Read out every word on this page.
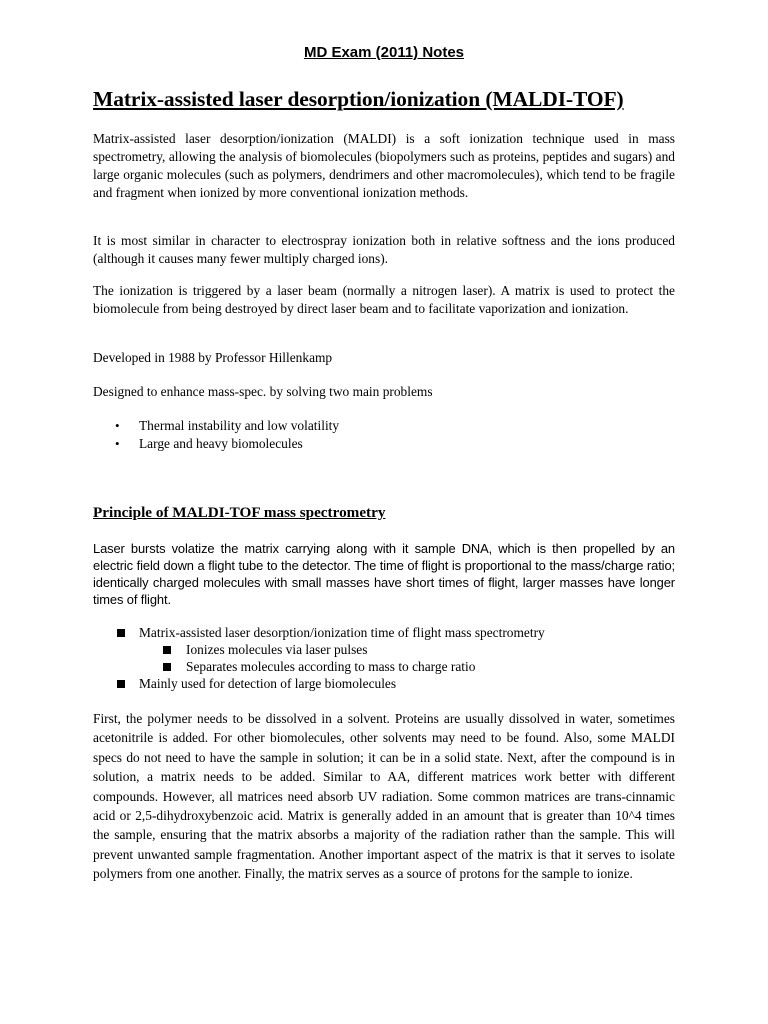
MD Exam (2011) Notes
Matrix-assisted laser desorption/ionization (MALDI-TOF)

Matrix-assisted laser desorption/ionization (MALDI) is a soft ionization technique used in mass spectrometry, allowing the analysis of biomolecules (biopolymers such as proteins, peptides and sugars) and large organic molecules (such as polymers, dendrimers and other macromolecules), which tend to be fragile and fragment when ionized by more conventional ionization methods.

It is most similar in character to electrospray ionization both in relative softness and the ions produced (although it causes many fewer multiply charged ions).

The ionization is triggered by a laser beam (normally a nitrogen laser). A matrix is used to protect the biomolecule from being destroyed by direct laser beam and to facilitate vaporization and ionization.

Developed in 1988 by Professor Hillenkamp

Designed to enhance mass-spec. by solving two main problems

• Thermal instability and low volatility
• Large and heavy biomolecules
Principle of MALDI-TOF mass spectrometry

Laser bursts volatize the matrix carrying along with it sample DNA, which is then propelled by an electric field down a flight tube to the detector. The time of flight is proportional to the mass/charge ratio; identically charged molecules with small masses have short times of flight, larger masses have longer times of flight.

Matrix-assisted laser desorption/ionization time of flight mass spectrometry
Ionizes molecules via laser pulses
Separates molecules according to mass to charge ratio
Mainly used for detection of large biomolecules

First, the polymer needs to be dissolved in a solvent. Proteins are usually dissolved in water, sometimes acetonitrile is added. For other biomolecules, other solvents may need to be found. Also, some MALDI specs do not need to have the sample in solution; it can be in a solid state. Next, after the compound is in solution, a matrix needs to be added. Similar to AA, different matrices work better with different compounds. However, all matrices need absorb UV radiation. Some common matrices are trans-cinnamic acid or 2,5-dihydroxybenzoic acid. Matrix is generally added in an amount that is greater than 10^4 times the sample, ensuring that the matrix absorbs a majority of the radiation rather than the sample. This will prevent unwanted sample fragmentation. Another important aspect of the matrix is that it serves to isolate polymers from one another. Finally, the matrix serves as a source of protons for the sample to ionize.
